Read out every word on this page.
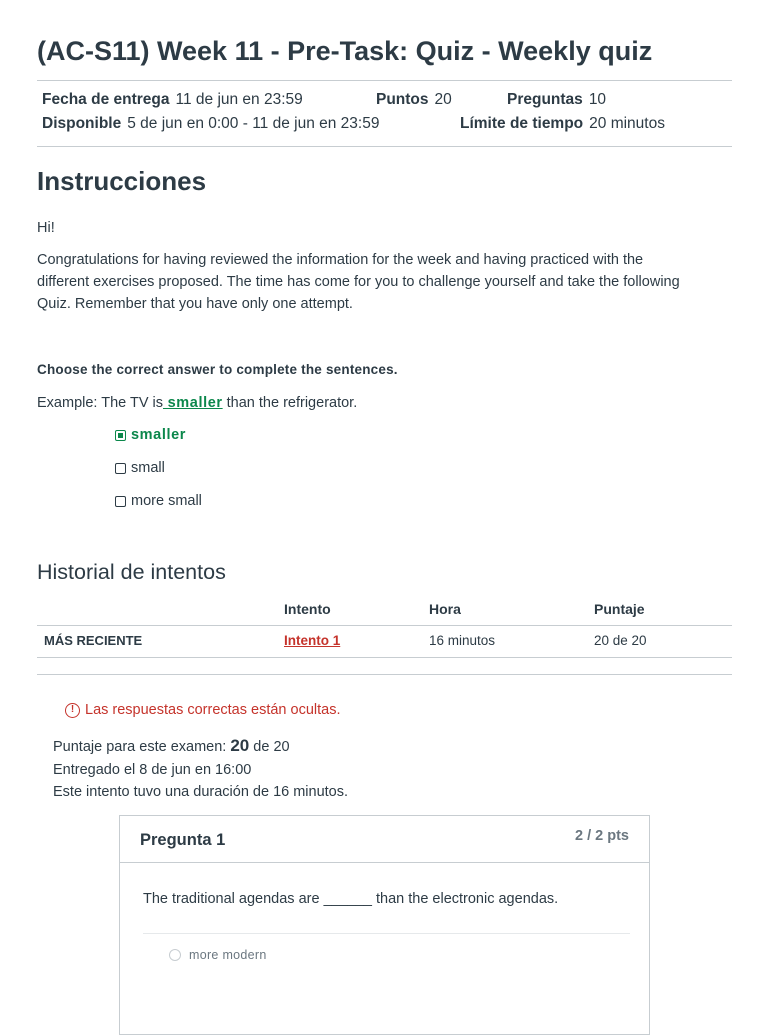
(AC-S11) Week 11 - Pre-Task: Quiz - Weekly quiz
Fecha de entrega 11 de jun en 23:59	Puntos 20	Preguntas 10
Disponible 5 de jun en 0:00 - 11 de jun en 23:59	Límite de tiempo 20 minutos
Instrucciones

Hi!

Congratulations for having reviewed the information for the week and having practiced with the
different exercises proposed. The time has come for you to challenge yourself and take the following
Quiz. Remember that you have only one attempt.

Choose the correct answer to complete the sentences.

Example: The TV is smaller than the refrigerator.

smaller
small
more small
Historial de intentos
	Intento	Hora	Puntaje
MÁS RECIENTE	Intento 1	16 minutos	20 de 20
! Las respuestas correctas están ocultas.
Puntaje para este examen: 20 de 20
Entregado el 8 de jun en 16:00
Este intento tuvo una duración de 16 minutos.
Pregunta 1	2 / 2 pts
The traditional agendas are ______ than the electronic agendas.
more modern
